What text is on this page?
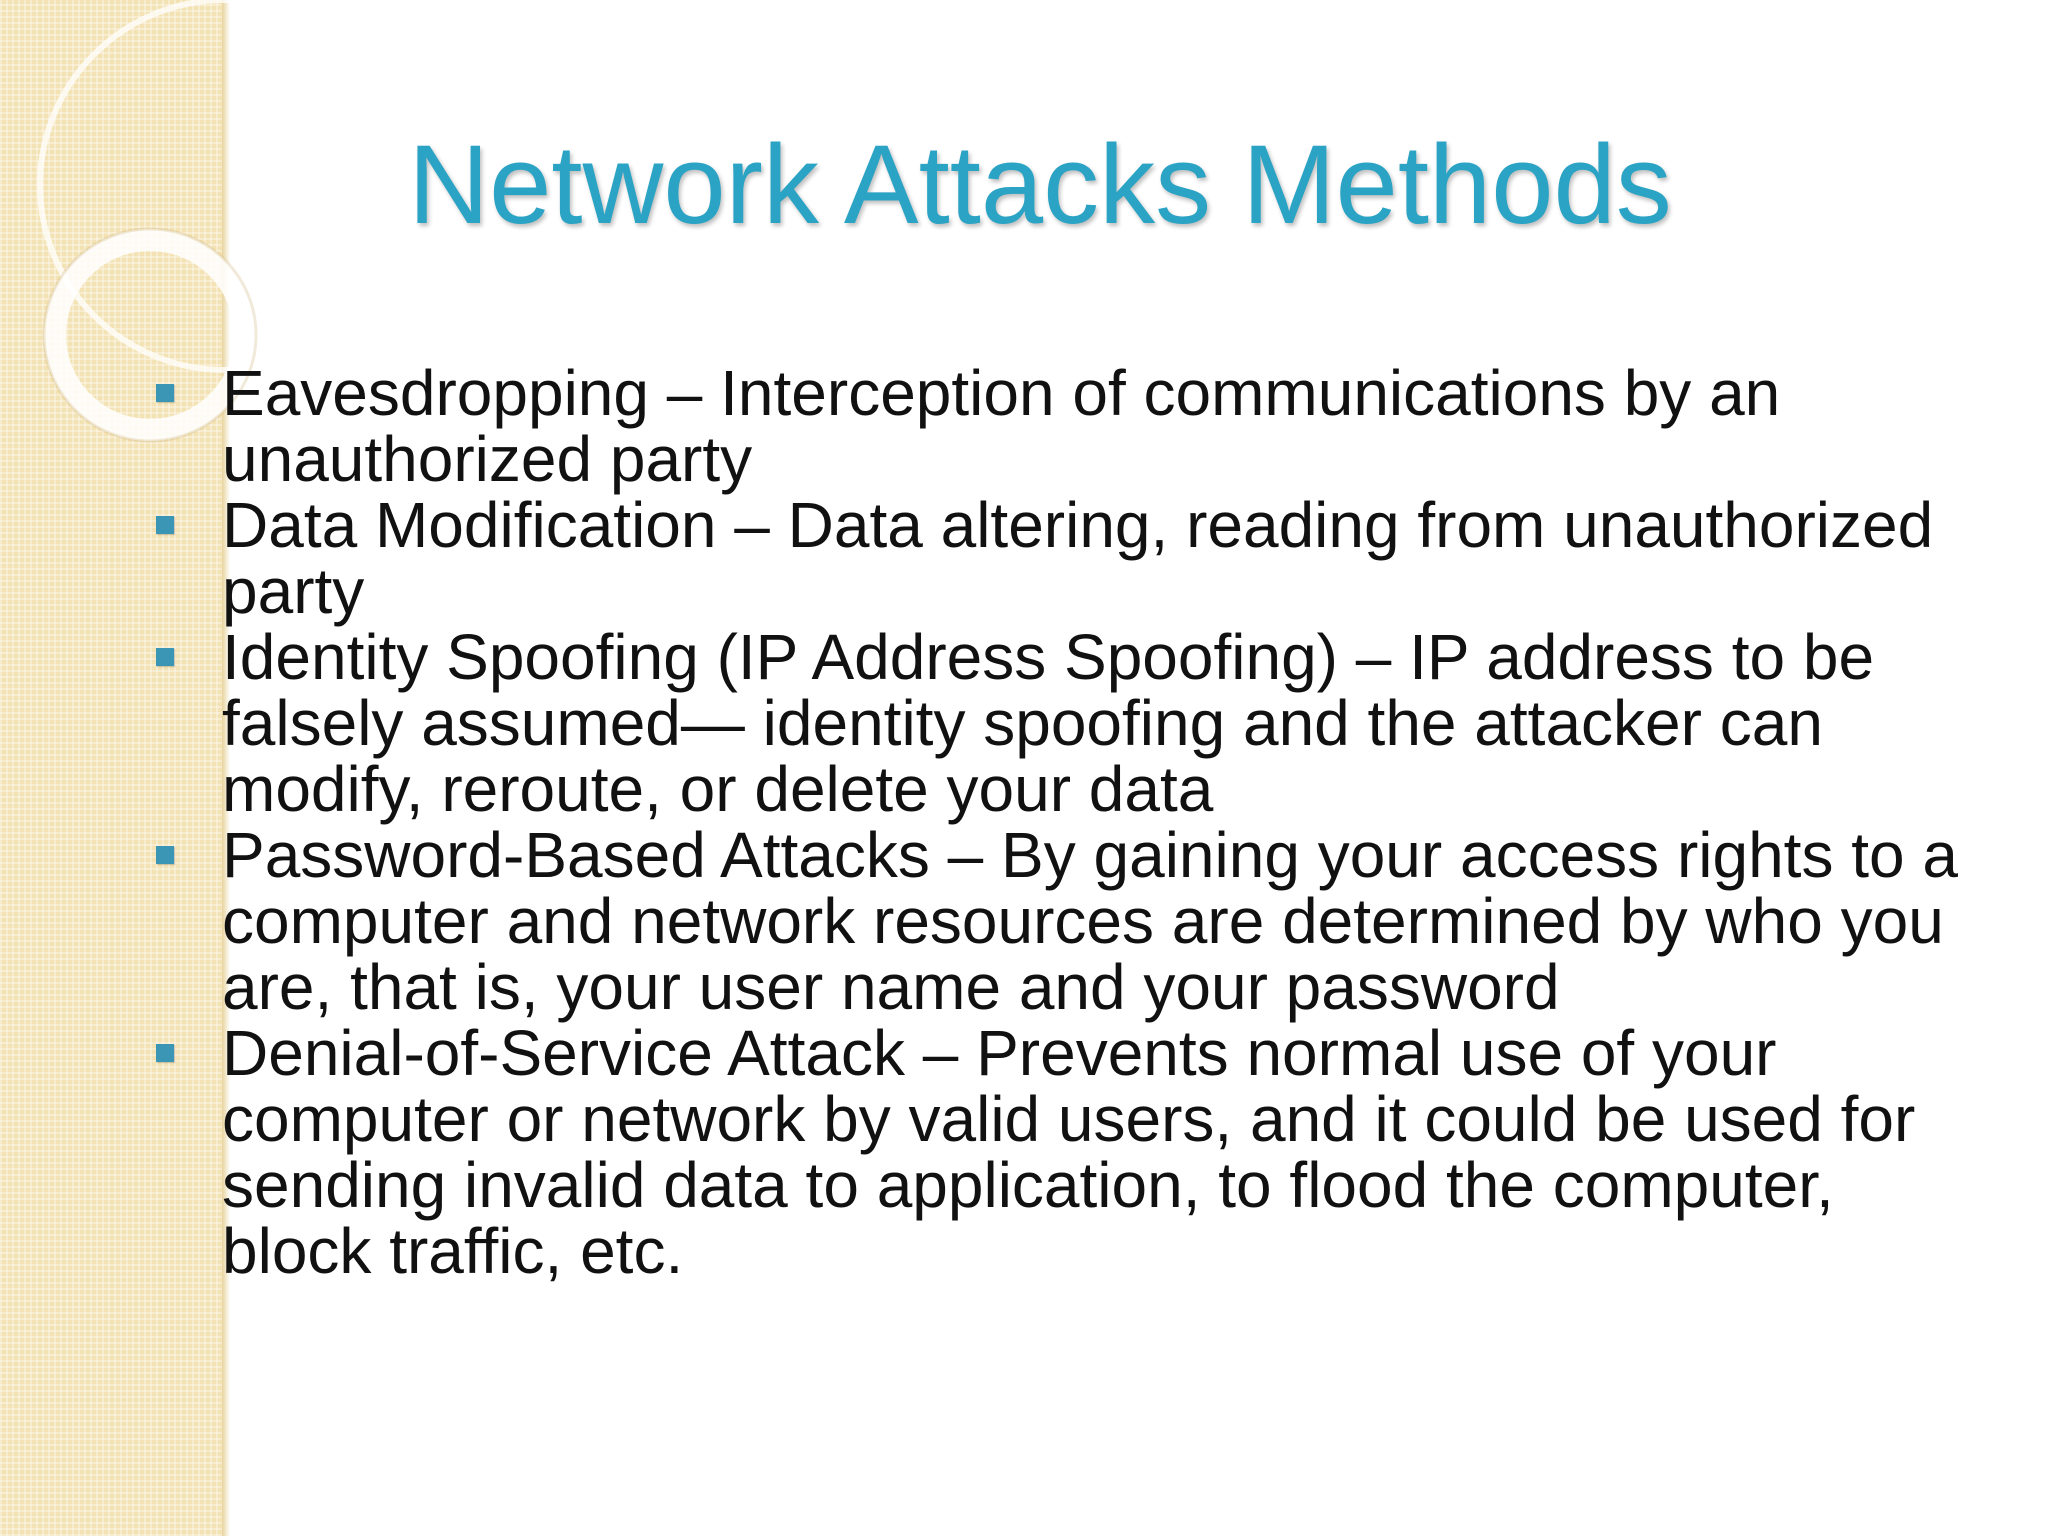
Network Attacks Methods
Eavesdropping – Interception of communications by an unauthorized party
Data Modification – Data altering, reading from unauthorized party
Identity Spoofing (IP Address Spoofing) – IP address to be falsely assumed— identity spoofing and the attacker can modify, reroute, or delete your data
Password-Based Attacks – By gaining your access rights to a computer and network resources are determined by who you are, that is, your user name and your password
Denial-of-Service Attack – Prevents normal use of your computer or network by valid users, and it could be used for sending invalid data to application, to flood the computer, block traffic, etc.
